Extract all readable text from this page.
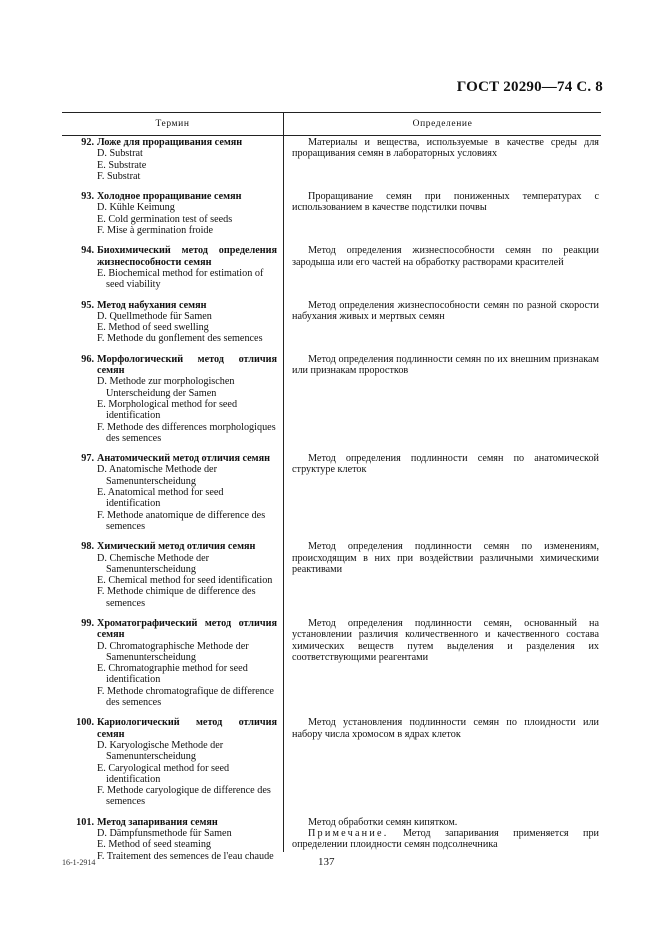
ГОСТ 20290—74 С. 8
Термин	Определение
92. Ложе для проращивания семян
D. Substrat
E. Substrate
F. Substrat

Материалы и вещества, используемые в качестве среды для проращивания семян в лабораторных условиях

93. Холодное проращивание семян
D. Kühle Keimung
E. Cold germination test of seeds
F. Mise à germination froide

Проращивание семян при пониженных температурах с использованием в качестве подстилки почвы

94. Биохимический метод определения жизнеспособности семян
E. Biochemical method for estimation of seed viability

Метод определения жизнеспособности семян по реакции зародыша или его частей на обработку растворами красителей

95. Метод набухания семян
D. Quellmethode für Samen
E. Method of seed swelling
F. Methode du gonflement des semences

Метод определения жизнеспособности семян по разной скорости набухания живых и мертвых семян

96. Морфологический метод отличия семян
D. Methode zur morphologischen Unterscheidung der Samen
E. Morphological method for seed identification
F. Methode des differences morphologiques des semences

Метод определения подлинности семян по их внешним признакам или признакам проростков

97. Анатомический метод отличия семян
D. Anatomische Methode der Samenunterscheidung
E. Anatomical method for seed identification
F. Methode anatomique de difference des semences

Метод определения подлинности семян по анатомической структуре клеток

98. Химический метод отличия семян
D. Chemische Methode der Samenunterscheidung
E. Chemical method for seed identification
F. Methode chimique de difference des semences

Метод определения подлинности семян по изменениям, происходящим в них при воздействии различными химическими реактивами

99. Хроматографический метод отличия семян
D. Chromatographische Methode der Samenunterscheidung
E. Chromatographie method for seed identification
F. Methode chromatografique de difference des semences

Метод определения подлинности семян, основанный на установлении различия количественного и качественного состава химических веществ путем выделения и разделения их соответствующими реагентами

100. Кариологический метод отличия семян
D. Karyologische Methode der Samenunterscheidung
E. Caryological method for seed identification
F. Methode caryologique de difference des semences

Метод установления подлинности семян по плоидности или набору числа хромосом в ядрах клеток

101. Метод запаривания семян
D. Dämpfunsmethode für Samen
E. Method of seed steaming
F. Traitement des semences de l'eau chaude

Метод обработки семян кипятком.

Примечание. Метод запаривания применяется при определении плоидности семян подсолнечника

16-1-2914	137
